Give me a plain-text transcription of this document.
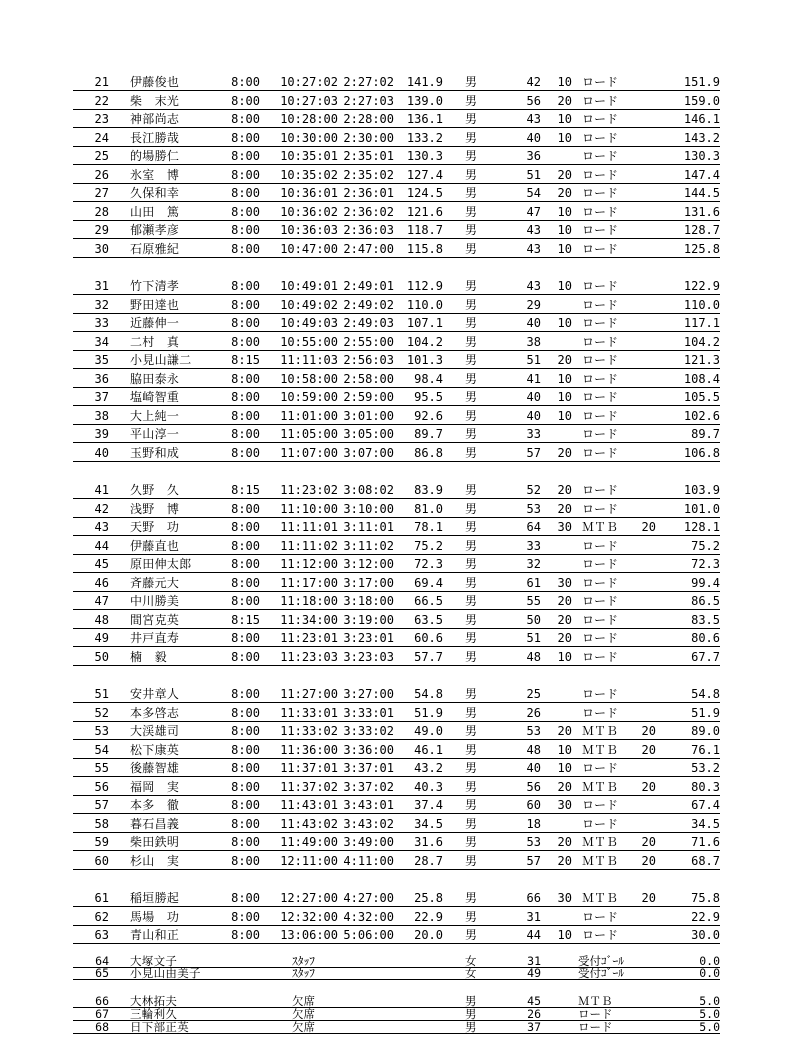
21 伊藤俊也	8:00	10:27:02 2:27:02	141.9 男	42	10 ロード	151.9
22 柴　末光	8:00	10:27:03 2:27:03	139.0 男	56	20 ロード	159.0
23 神部尚志	8:00	10:28:00 2:28:00	136.1 男	43	10 ロード	146.1
24 長江勝哉	8:00	10:30:00 2:30:00	133.2 男	40	10 ロード	143.2
25 的場勝仁	8:00	10:35:01 2:35:01	130.3 男	36	ロード	130.3
26 氷室　博	8:00	10:35:02 2:35:02	127.4 男	51	20 ロード	147.4
27 久保和幸	8:00	10:36:01 2:36:01	124.5 男	54	20 ロード	144.5
28 山田　篤	8:00	10:36:02 2:36:02	121.6 男	47	10 ロード	131.6
29 郁瀬孝彦	8:00	10:36:03 2:36:03	118.7 男	43	10 ロード	128.7
30 石原雅紀	8:00	10:47:00 2:47:00	115.8 男	43	10 ロード	125.8
31 竹下清孝	8:00	10:49:01 2:49:01	112.9 男	43	10 ロード	122.9
32 野田達也	8:00	10:49:02 2:49:02	110.0 男	29	ロード	110.0
33 近藤伸一	8:00	10:49:03 2:49:03	107.1 男	40	10 ロード	117.1
34 二村　真	8:00	10:55:00 2:55:00	104.2 男	38	ロード	104.2
35 小見山謙二	8:15	11:11:03 2:56:03	101.3 男	51	20 ロード	121.3
36 脇田泰永	8:00	10:58:00 2:58:00	98.4 男	41	10 ロード	108.4
37 塩崎智重	8:00	10:59:00 2:59:00	95.5 男	40	10 ロード	105.5
38 大上純一	8:00	11:01:00 3:01:00	92.6 男	40	10 ロード	102.6
39 平山淳一	8:00	11:05:00 3:05:00	89.7 男	33	ロード	89.7
40 玉野和成	8:00	11:07:00 3:07:00	86.8 男	57	20 ロード	106.8
41 久野　久	8:15	11:23:02 3:08:02	83.9 男	52	20 ロード	103.9
42 浅野　博	8:00	11:10:00 3:10:00	81.0 男	53	20 ロード	101.0
43 天野　功	8:00	11:11:01 3:11:01	78.1 男	64	30 ＭＴＢ	20	128.1
44 伊藤直也	8:00	11:11:02 3:11:02	75.2 男	33	ロード	75.2
45 原田伸太郎	8:00	11:12:00 3:12:00	72.3 男	32	ロード	72.3
46 斉藤元大	8:00	11:17:00 3:17:00	69.4 男	61	30 ロード	99.4
47 中川勝美	8:00	11:18:00 3:18:00	66.5 男	55	20 ロード	86.5
48 間宮克英	8:15	11:34:00 3:19:00	63.5 男	50	20 ロード	83.5
49 井戸直寿	8:00	11:23:01 3:23:01	60.6 男	51	20 ロード	80.6
50 楠　毅	8:00	11:23:03 3:23:03	57.7 男	48	10 ロード	67.7
51 安井章人	8:00	11:27:00 3:27:00	54.8 男	25	ロード	54.8
52 本多啓志	8:00	11:33:01 3:33:01	51.9 男	26	ロード	51.9
53 大渓雄司	8:00	11:33:02 3:33:02	49.0 男	53	20 ＭＴＢ	20	89.0
54 松下康英	8:00	11:36:00 3:36:00	46.1 男	48	10 ＭＴＢ	20	76.1
55 後藤智雄	8:00	11:37:01 3:37:01	43.2 男	40	10 ロード	53.2
56 福岡　実	8:00	11:37:02 3:37:02	40.3 男	56	20 ＭＴＢ	20	80.3
57 本多　徹	8:00	11:43:01 3:43:01	37.4 男	60	30 ロード	67.4
58 暮石昌義	8:00	11:43:02 3:43:02	34.5 男	18	ロード	34.5
59 柴田鉄明	8:00	11:49:00 3:49:00	31.6 男	53	20 ＭＴＢ	20	71.6
60 杉山　実	8:00	12:11:00 4:11:00	28.7 男	57	20 ＭＴＢ	20	68.7
61 稲垣勝起	8:00	12:27:00 4:27:00	25.8 男	66	30 ＭＴＢ	20	75.8
62 馬場　功	8:00	12:32:00 4:32:00	22.9 男	31	ロード	22.9
63 青山和正	8:00	13:06:00 5:06:00	20.0 男	44	10 ロード	30.0
64 大塚文子	ｽﾀｯﾌ	女	31	受付ｺﾞｰﾙ	0.0
65 小見山由美子	ｽﾀｯﾌ	女	49	受付ｺﾞｰﾙ	0.0
66 大林拓夫	欠席	男	45	ＭＴＢ	5.0
67 三輪利久	欠席	男	26	ロード	5.0
68 日下部正英	欠席	男	37	ロード	5.0
